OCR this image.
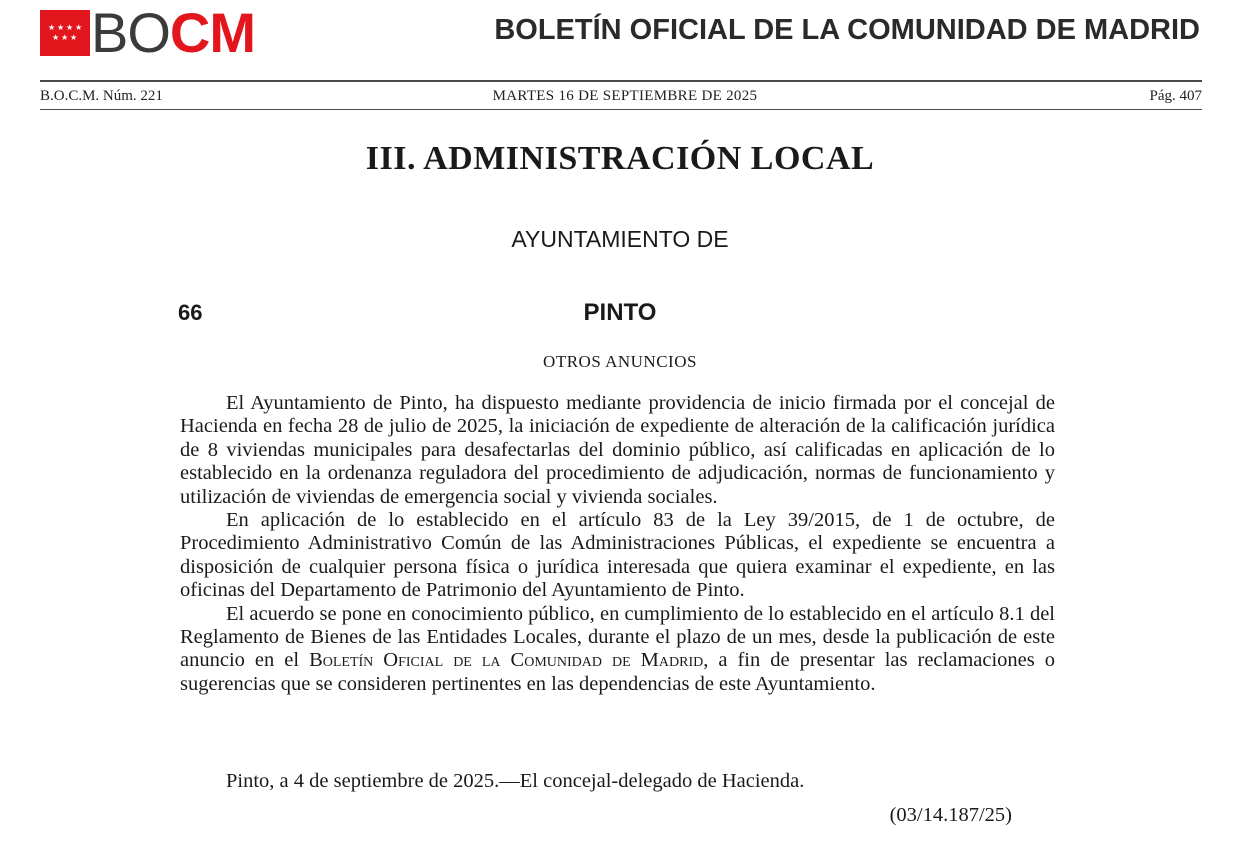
★ ★ ★ ★
★ ★ ★ BOCM	BOLETÍN OFICIAL DE LA COMUNIDAD DE MADRID
B.O.C.M. Núm. 221	MARTES 16 DE SEPTIEMBRE DE 2025	Pág. 407
III. ADMINISTRACIÓN LOCAL
AYUNTAMIENTO DE
66	PINTO
OTROS ANUNCIOS

El Ayuntamiento de Pinto, ha dispuesto mediante providencia de inicio firmada por el concejal de Hacienda en fecha 28 de julio de 2025, la iniciación de expediente de alteración de la calificación jurídica de 8 viviendas municipales para desafectarlas del dominio público, así calificadas en aplicación de lo establecido en la ordenanza reguladora del procedimiento de adjudicación, normas de funcionamiento y utilización de viviendas de emergencia social y vivienda sociales.

En aplicación de lo establecido en el artículo 83 de la Ley 39/2015, de 1 de octubre, de Procedimiento Administrativo Común de las Administraciones Públicas, el expediente se encuentra a disposición de cualquier persona física o jurídica interesada que quiera examinar el expediente, en las oficinas del Departamento de Patrimonio del Ayuntamiento de Pinto.

El acuerdo se pone en conocimiento público, en cumplimiento de lo establecido en el artículo 8.1 del Reglamento de Bienes de las Entidades Locales, durante el plazo de un mes, desde la publicación de este anuncio en el Boletín Oficial de la Comunidad de Madrid, a fin de presentar las reclamaciones o sugerencias que se consideren pertinentes en las dependencias de este Ayuntamiento.

Pinto, a 4 de septiembre de 2025.—El concejal-delegado de Hacienda.
(03/14.187/25)
